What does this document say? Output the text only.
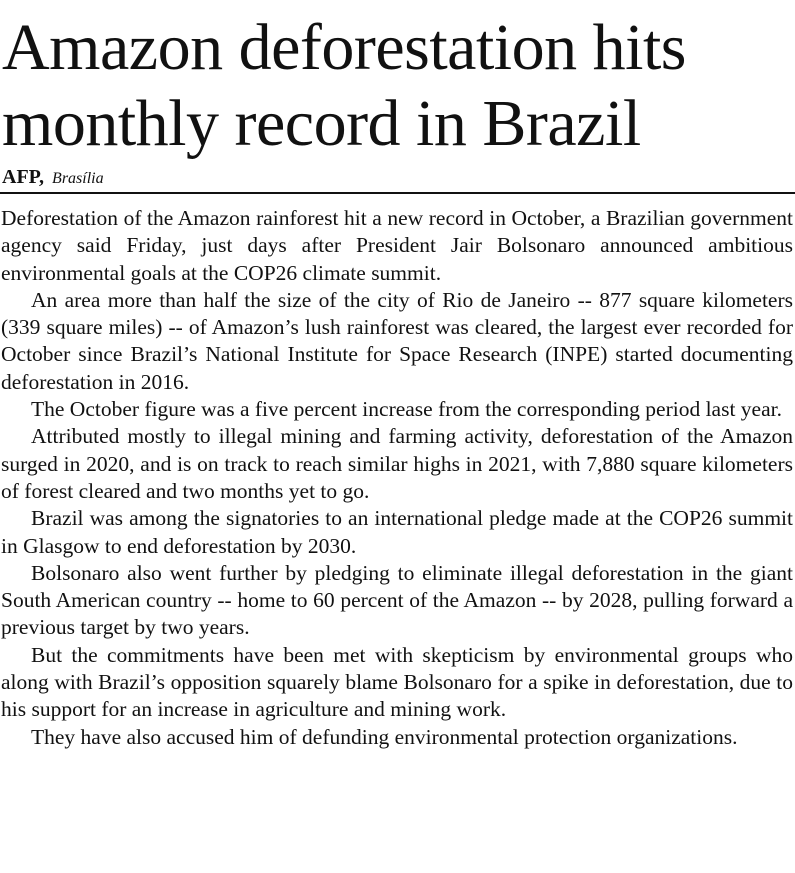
Amazon deforestation hits monthly record in Brazil
AFP, Brasília

Deforestation of the Amazon rainforest hit a new record in October, a Brazilian government agency said Friday, just days after President Jair Bolsonaro announced ambitious environmental goals at the COP26 climate summit.

An area more than half the size of the city of Rio de Janeiro -- 877 square kilometers (339 square miles) -- of Amazon’s lush rainforest was cleared, the largest ever recorded for October since Brazil’s National Institute for Space Research (INPE) started documenting deforestation in 2016.

The October figure was a five percent increase from the corresponding period last year.

Attributed mostly to illegal mining and farming activity, deforestation of the Amazon surged in 2020, and is on track to reach similar highs in 2021, with 7,880 square kilometers of forest cleared and two months yet to go.

Brazil was among the signatories to an international pledge made at the COP26 summit in Glasgow to end deforestation by 2030.

Bolsonaro also went further by pledging to eliminate illegal deforestation in the giant South American country -- home to 60 percent of the Amazon -- by 2028, pulling forward a previous target by two years.

But the commitments have been met with skepticism by environmental groups who along with Brazil’s opposition squarely blame Bolsonaro for a spike in deforestation, due to his support for an increase in agriculture and mining work.

They have also accused him of defunding environmental protection organizations.
